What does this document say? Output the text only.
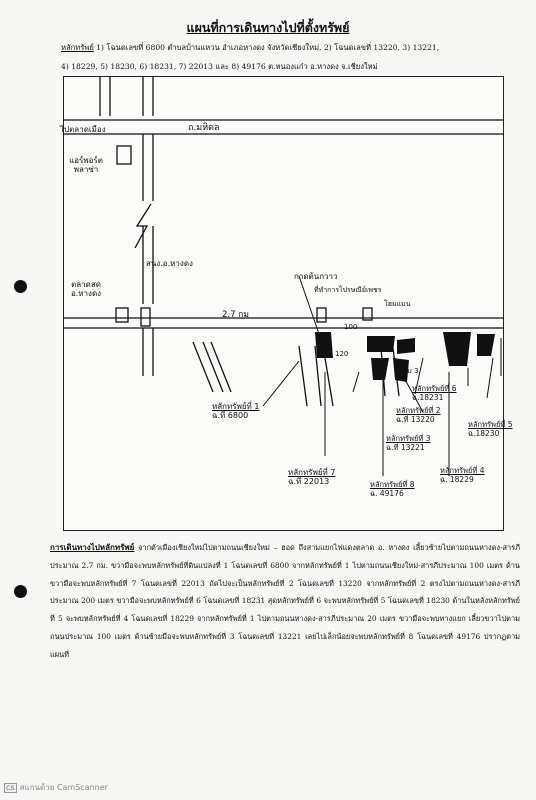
แผนที่การเดินทางไปที่ตั้งทรัพย์
หลักทรัพย์ 1) โฉนดเลขที่ 6800 ตำบลบ้านแหวน อำเภอหางดง จังหวัดเชียงใหม่, 2) โฉนดเลขที่ 13220, 3) 13221,
4) 18229, 5) 18230, 6) 18231, 7) 22013 และ 8) 49176 ต.หนองแก๋ว อ.หางดง จ.เชียงใหม่
ไปตลาดเมือง	ถ.มหิดล
แอร์พอร์ต พลาซ่า
สนง.อ.หางดง
ตลาดสด อ.หางดง
2.7 กม
กาดต้นกวาว
ที่ทำการไปรษณีย์เพชร
โฮมแมน
100
120
กม 3
หลักทรัพย์ที่ 1
ฉ.ที่ 6800
หลักทรัพย์ที่ 7
ฉ.ที่ 22013
หลักทรัพย์ที่ 2
ฉ.ที่ 13220
หลักทรัพย์ที่ 3
ฉ.ที่ 13221
หลักทรัพย์ที่ 6
ฉ.18231
หลักทรัพย์ที่ 5
ฉ.18230
หลักทรัพย์ที่ 8
ฉ. 49176
หลักทรัพย์ที่ 4
ฉ. 18229
การเดินทางไปหลักทรัพย์ จากตัวเมืองเชียงใหม่ไปตามถนนเชียงใหม่ – ฮอด ถึงสามแยกไฟแดงตลาด อ. หางดง เลี้ยวซ้ายไปตามถนนหางดง-สารภี ประมาณ 2.7 กม. ขวามือจะพบหลักทรัพย์ที่ดินแปลงที่ 1 โฉนดเลขที่ 6800 จากหลักทรัพย์ที่ 1 ไปตามถนนเชียงใหม่-สารภีประมาณ 100 เมตร ด้านขวามือจะพบหลักทรัพย์ที่ 7 โฉนดเลขที่ 22013 ถัดไปจะเป็นหลักทรัพย์ที่ 2 โฉนดเลขที่ 13220 จากหลักทรัพย์ที่ 2 ตรงไปตามถนนหางดง-สารภี ประมาณ 200 เมตร ขวามือจะพบหลักทรัพย์ที่ 6 โฉนดเลขที่ 18231 สุดหลักทรัพย์ที่ 6 จะพบหลักทรัพย์ที่ 5 โฉนดเลขที่ 18230 ด้านในหลังหลักทรัพย์ที่ 5 จะพบหลักทรัพย์ที่ 4 โฉนดเลขที่ 18229 จากหลักทรัพย์ที่ 1 ไปตามถนนหางดง-สารภีประมาณ 20 เมตร ขวามือจะพบทางแยก เลี้ยวขวาไปตามถนนประมาณ 100 เมตร ด้านซ้ายมือจะพบหลักทรัพย์ที่ 3 โฉนดเลขที่ 13221 เลยไปเล็กน้อยจะพบหลักทรัพย์ที่ 8 โฉนดเลขที่ 49176 ปรากฏตามแผนที่
CS สแกนด้วย CamScanner
